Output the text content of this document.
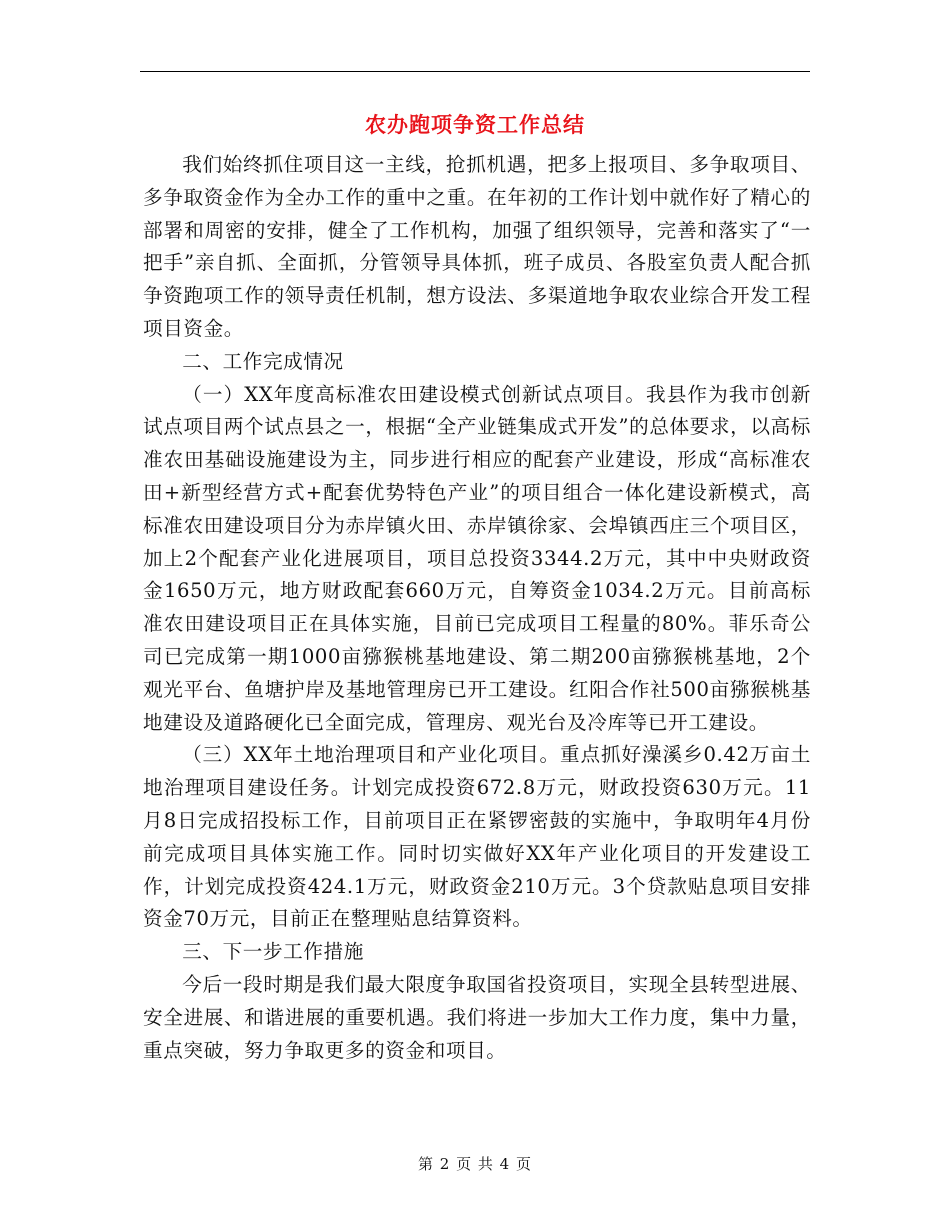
农办跑项争资工作总结

我们始终抓住项目这一主线，抢抓机遇，把多上报项目、多争取项目、多争取资金作为全办工作的重中之重。在年初的工作计划中就作好了精心的部署和周密的安排，健全了工作机构，加强了组织领导，完善和落实了“一把手”亲自抓、全面抓，分管领导具体抓，班子成员、各股室负责人配合抓争资跑项工作的领导责任机制，想方设法、多渠道地争取农业综合开发工程项目资金。

二、工作完成情况

（一）XX年度高标准农田建设模式创新试点项目。我县作为我市创新试点项目两个试点县之一，根据“全产业链集成式开发”的总体要求，以高标准农田基础设施建设为主，同步进行相应的配套产业建设，形成“高标准农田+新型经营方式+配套优势特色产业”的项目组合一体化建设新模式，高标准农田建设项目分为赤岸镇火田、赤岸镇徐家、会埠镇西庄三个项目区，加上2个配套产业化进展项目，项目总投资3344.2万元，其中中央财政资金1650万元，地方财政配套660万元，自筹资金1034.2万元。目前高标准农田建设项目正在具体实施，目前已完成项目工程量的80%。菲乐奇公司已完成第一期1000亩猕猴桃基地建设、第二期200亩猕猴桃基地，2个观光平台、鱼塘护岸及基地管理房已开工建设。红阳合作社500亩猕猴桃基地建设及道路硬化已全面完成，管理房、观光台及冷库等已开工建设。

（三）XX年土地治理项目和产业化项目。重点抓好澡溪乡0.42万亩土地治理项目建设任务。计划完成投资672.8万元，财政投资630万元。11月8日完成招投标工作，目前项目正在紧锣密鼓的实施中，争取明年4月份前完成项目具体实施工作。同时切实做好XX年产业化项目的开发建设工作，计划完成投资424.1万元，财政资金210万元。3个贷款贴息项目安排资金70万元，目前正在整理贴息结算资料。

三、下一步工作措施

今后一段时期是我们最大限度争取国省投资项目，实现全县转型进展、安全进展、和谐进展的重要机遇。我们将进一步加大工作力度，集中力量，重点突破，努力争取更多的资金和项目。

第 2 页 共 4 页
